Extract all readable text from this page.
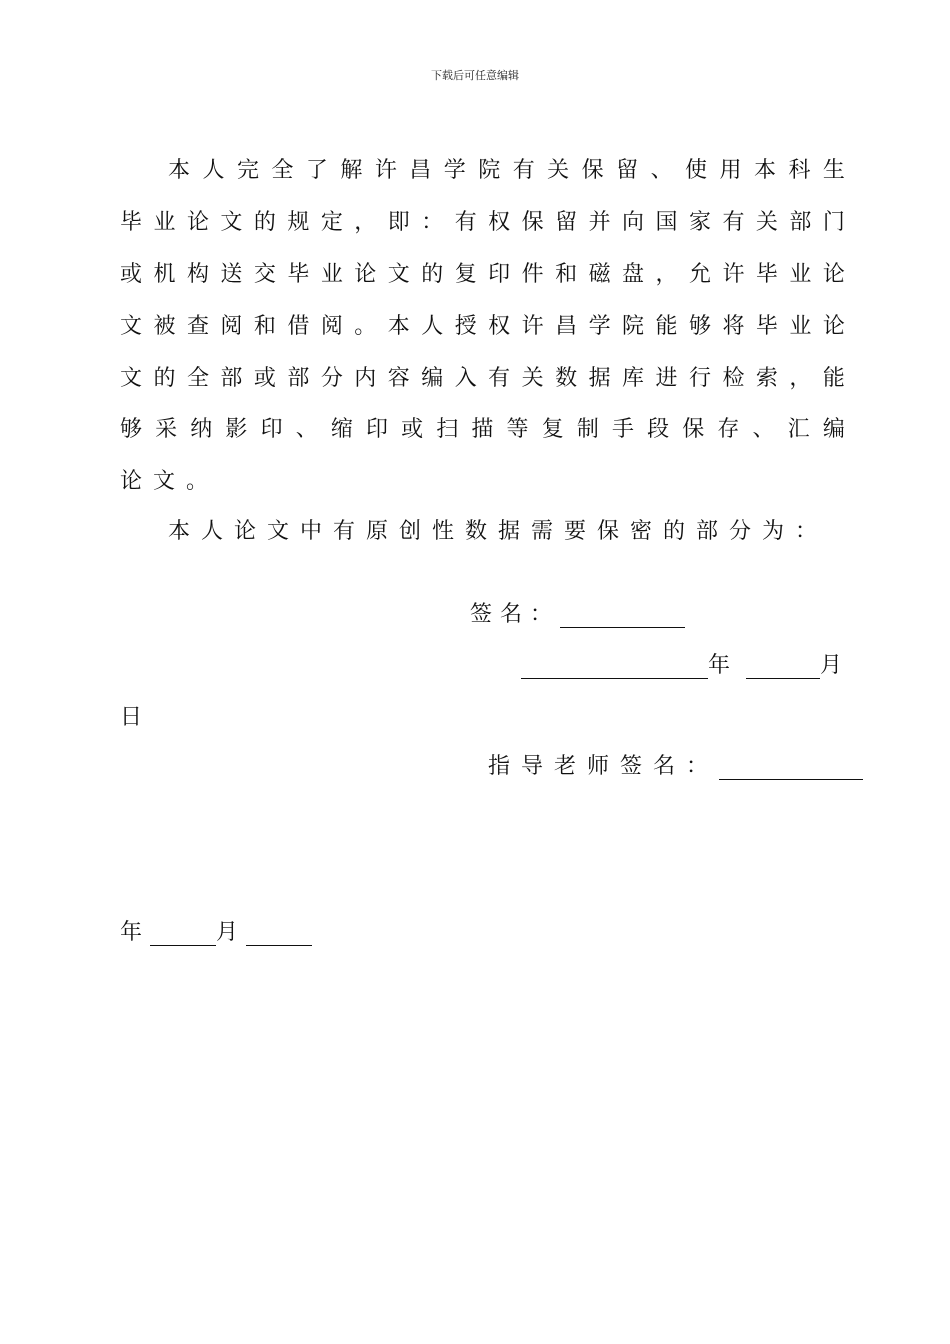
下载后可任意编辑
本 人 完 全 了 解 许 昌 学 院 有 关 保 留 、 使 用 本 科 生
毕 业 论 文 的 规 定 ， 即 ： 有 权 保 留 并 向 国 家 有 关 部 门
或 机 构 送 交 毕 业 论 文 的 复 印 件 和 磁 盘 ， 允 许 毕 业 论
文 被 查 阅 和 借 阅 。 本 人 授 权 许 昌 学 院 能 够 将 毕 业 论
文 的 全 部 或 部 分 内 容 编 入 有 关 数 据 库 进 行 检 索 ， 能
够 采 纳 影 印 、 缩 印 或 扫 描 等 复 制 手 段 保 存 、 汇 编
论文。
本人论文中有原创性数据需要保密的部分为：
签名：
年	月
日
指导老师签名：
年	月
